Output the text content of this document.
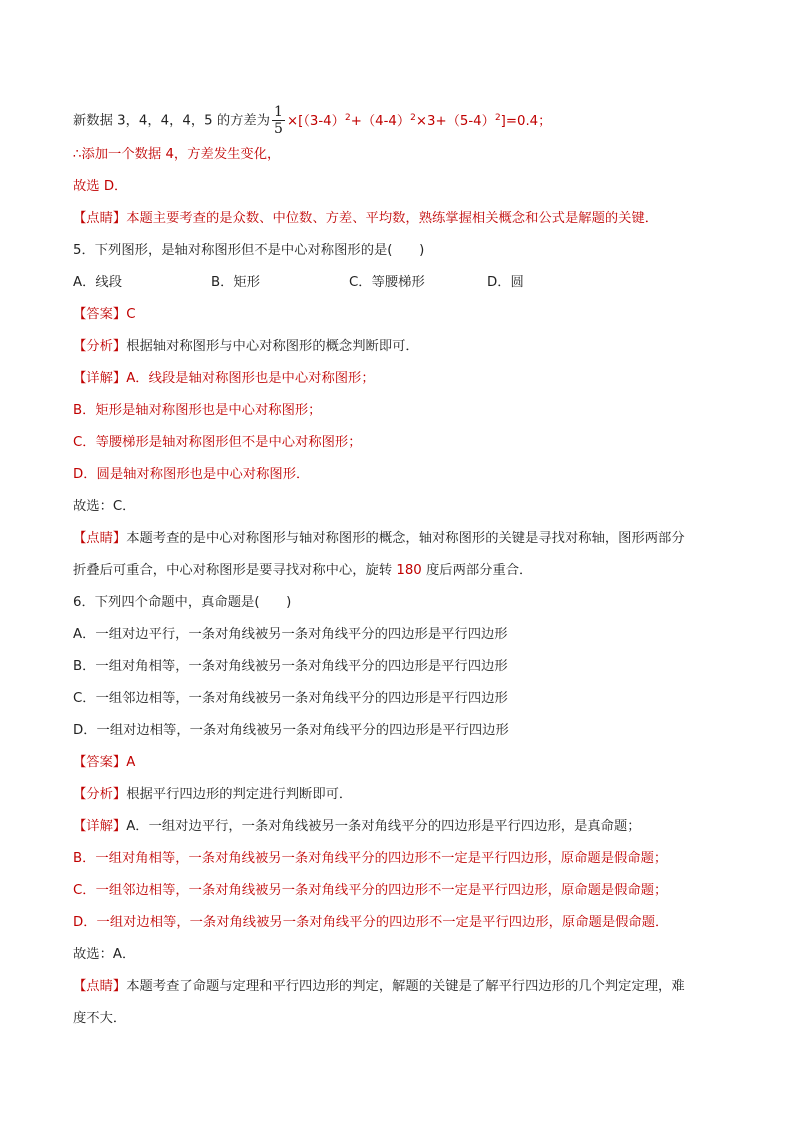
新数据 3，4，4，4，5 的方差为 $\frac{1}{5} \times[(3-4)^2+(4-4)^2\times 3+(5-4)^2]=0.4$；
∴添加一个数据 4，方差发生变化，
故选 D．
【点睛】本题主要考查的是众数、中位数、方差、平均数，熟练掌握相关概念和公式是解题的关键．
5．下列图形，是轴对称图形但不是中心对称图形的是(　　)
A．线段	B．矩形	C．等腰梯形	D．圆
【答案】C
【分析】根据轴对称图形与中心对称图形的概念判断即可．
【详解】A．线段是轴对称图形也是中心对称图形；
B．矩形是轴对称图形也是中心对称图形；
C．等腰梯形是轴对称图形但不是中心对称图形；
D．圆是轴对称图形也是中心对称图形．
故选：C．
【点睛】本题考查的是中心对称图形与轴对称图形的概念，轴对称图形的关键是寻找对称轴，图形两部分
折叠后可重合，中心对称图形是要寻找对称中心，旋转 180 度后两部分重合．
6．下列四个命题中，真命题是(　　)
A．一组对边平行，一条对角线被另一条对角线平分的四边形是平行四边形
B．一组对角相等，一条对角线被另一条对角线平分的四边形是平行四边形
C．一组邻边相等，一条对角线被另一条对角线平分的四边形是平行四边形
D．一组对边相等，一条对角线被另一条对角线平分的四边形是平行四边形
【答案】A
【分析】根据平行四边形的判定进行判断即可．
【详解】A．一组对边平行，一条对角线被另一条对角线平分的四边形是平行四边形，是真命题；
B．一组对角相等，一条对角线被另一条对角线平分的四边形不一定是平行四边形，原命题是假命题；
C．一组邻边相等，一条对角线被另一条对角线平分的四边形不一定是平行四边形，原命题是假命题；
D．一组对边相等，一条对角线被另一条对角线平分的四边形不一定是平行四边形，原命题是假命题．
故选：A．
【点睛】本题考查了命题与定理和平行四边形的判定，解题的关键是了解平行四边形的几个判定定理，难
度不大．
